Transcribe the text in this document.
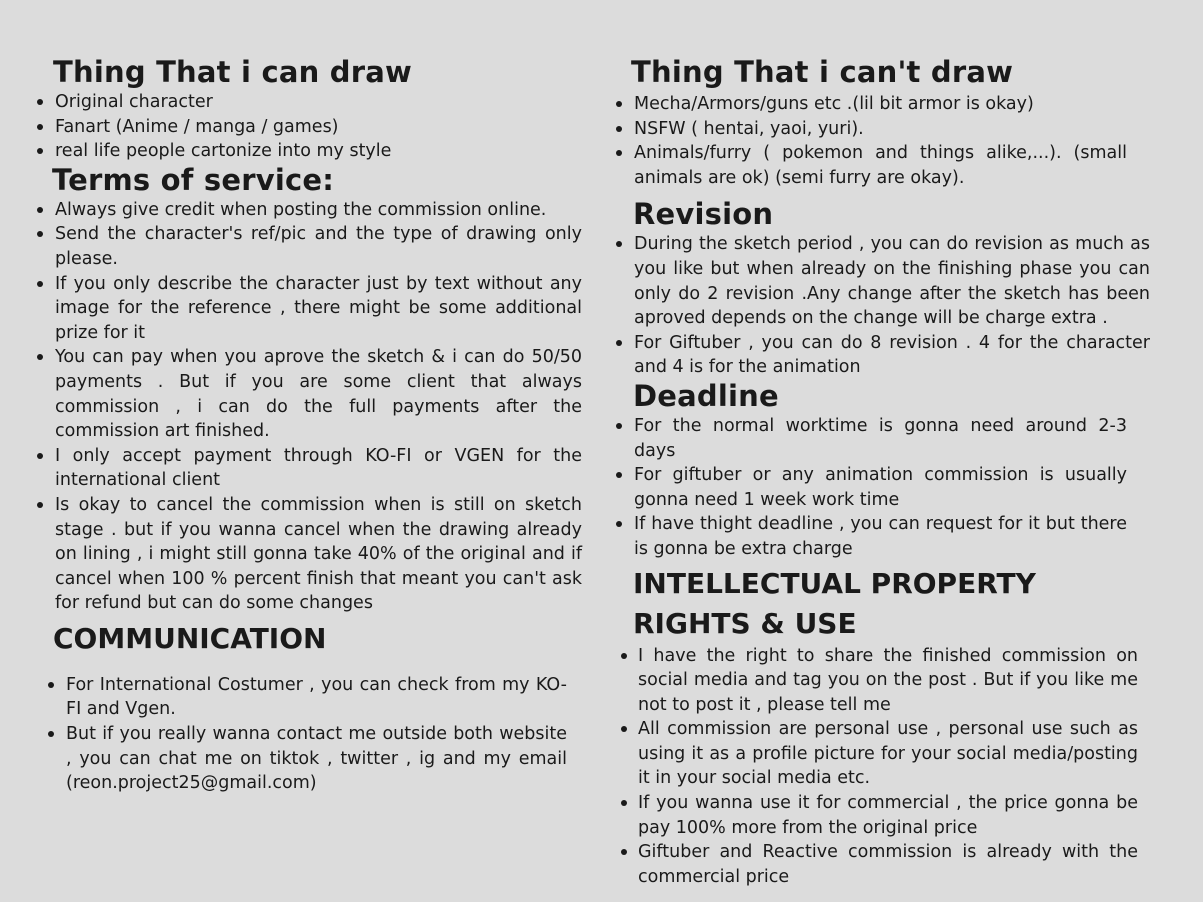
Thing That i can draw
Original character
Fanart (Anime / manga / games)
real life people cartonize into my style
Terms of service:
Always give credit when posting the commission online.
Send the character's ref/pic and the type of drawing only please.
If you only describe the character just by text without any image for the reference , there might be some additional prize for it
You can pay when you aprove the sketch & i can do 50/50 payments . But if you are some client that always commission , i can do the full payments after the commission art finished.
I only accept payment through KO-FI or VGEN for the international client
Is okay to cancel the commission when is still on sketch stage . but if you wanna cancel when the drawing already on lining , i might still gonna take 40% of the original and if cancel when 100 % percent finish that meant you can't ask for refund but can do some changes
COMMUNICATION
For International Costumer , you can check from my KO-FI and Vgen.
But if you really wanna contact me outside both website , you can chat me on tiktok , twitter , ig and my email (reon.project25@gmail.com)
Thing That i can't draw
Mecha/Armors/guns etc .(lil bit armor is okay)
NSFW ( hentai, yaoi, yuri).
Animals/furry ( pokemon and things alike,...). (small animals are ok) (semi furry are okay).
Revision
During the sketch period , you can do revision as much as you like but when already on the finishing phase you can only do 2 revision .Any change after the sketch has been aproved depends on the change will be charge extra .
For Giftuber , you can do 8 revision . 4 for the character and 4 is for the animation
Deadline
For the normal worktime is gonna need around 2-3 days
For giftuber or any animation commission is usually gonna need 1 week work time
If have thight deadline , you can request for it but there is gonna be extra charge
INTELLECTUAL PROPERTY
RIGHTS & USE
I have the right to share the finished commission on social media and tag you on the post . But if you like me not to post it , please tell me
All commission are personal use , personal use such as using it as a profile picture for your social media/posting it in your social media etc.
If you wanna use it for commercial , the price gonna be pay 100% more from the original price
Giftuber and Reactive commission is already with the commercial price
